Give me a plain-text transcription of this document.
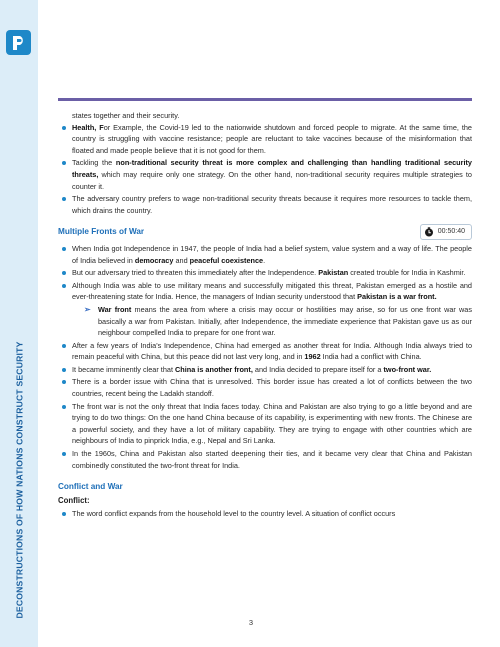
DECONSTRUCTIONS OF HOW NATIONS CONSTRUCT SECURITY

states together and their security.

Health, For Example, the Covid-19 led to the nationwide shutdown and forced people to migrate. At the same time, the country is struggling with vaccine resistance; people are reluctant to take vaccines because of the misinformation that floated and made people believe that it is not good for them.
Tackling the non-traditional security threat is more complex and challenging than handling traditional security threats, which may require only one strategy. On the other hand, non-traditional security requires multiple strategies to counter it.
The adversary country prefers to wage non-traditional security threats because it requires more resources to tackle them, which drains the country.
Multiple Fronts of War	00:50:40
When India got Independence in 1947, the people of India had a belief system, value system and a way of life. The people of India believed in democracy and peaceful coexistence.
But our adversary tried to threaten this immediately after the Independence. Pakistan created trouble for India in Kashmir.
Although India was able to use military means and successfully mitigated this threat, Pakistan emerged as a hostile and ever-threatening state for India. Hence, the managers of Indian security understood that Pakistan is a war front.
➢ War front means the area from where a crisis may occur or hostilities may arise, so for us one front war was basically a war from Pakistan. Initially, after Independence, the immediate experience that Pakistan gave us as our neighbour compelled India to prepare for one front war.
After a few years of India's Independence, China had emerged as another threat for India. Although India always tried to remain peaceful with China, but this peace did not last very long, and in 1962 India had a conflict with China.
It became imminently clear that China is another front, and India decided to prepare itself for a two-front war.
There is a border issue with China that is unresolved. This border issue has created a lot of conflicts between the two countries, recent being the Ladakh standoff.
The front war is not the only threat that India faces today. China and Pakistan are also trying to go a little beyond and are trying to do two things: On the one hand China because of its capability, is experimenting with new fronts. The Chinese are a powerful society, and they have a lot of military capability. They are trying to engage with other countries which are neighbours of India to pinprick India, e.g., Nepal and Sri Lanka.
In the 1960s, China and Pakistan also started deepening their ties, and it became very clear that China and Pakistan combinedly constituted the two-front threat for India.
Conflict and War
Conflict:
The word conflict expands from the household level to the country level. A situation of conflict occurs
3
